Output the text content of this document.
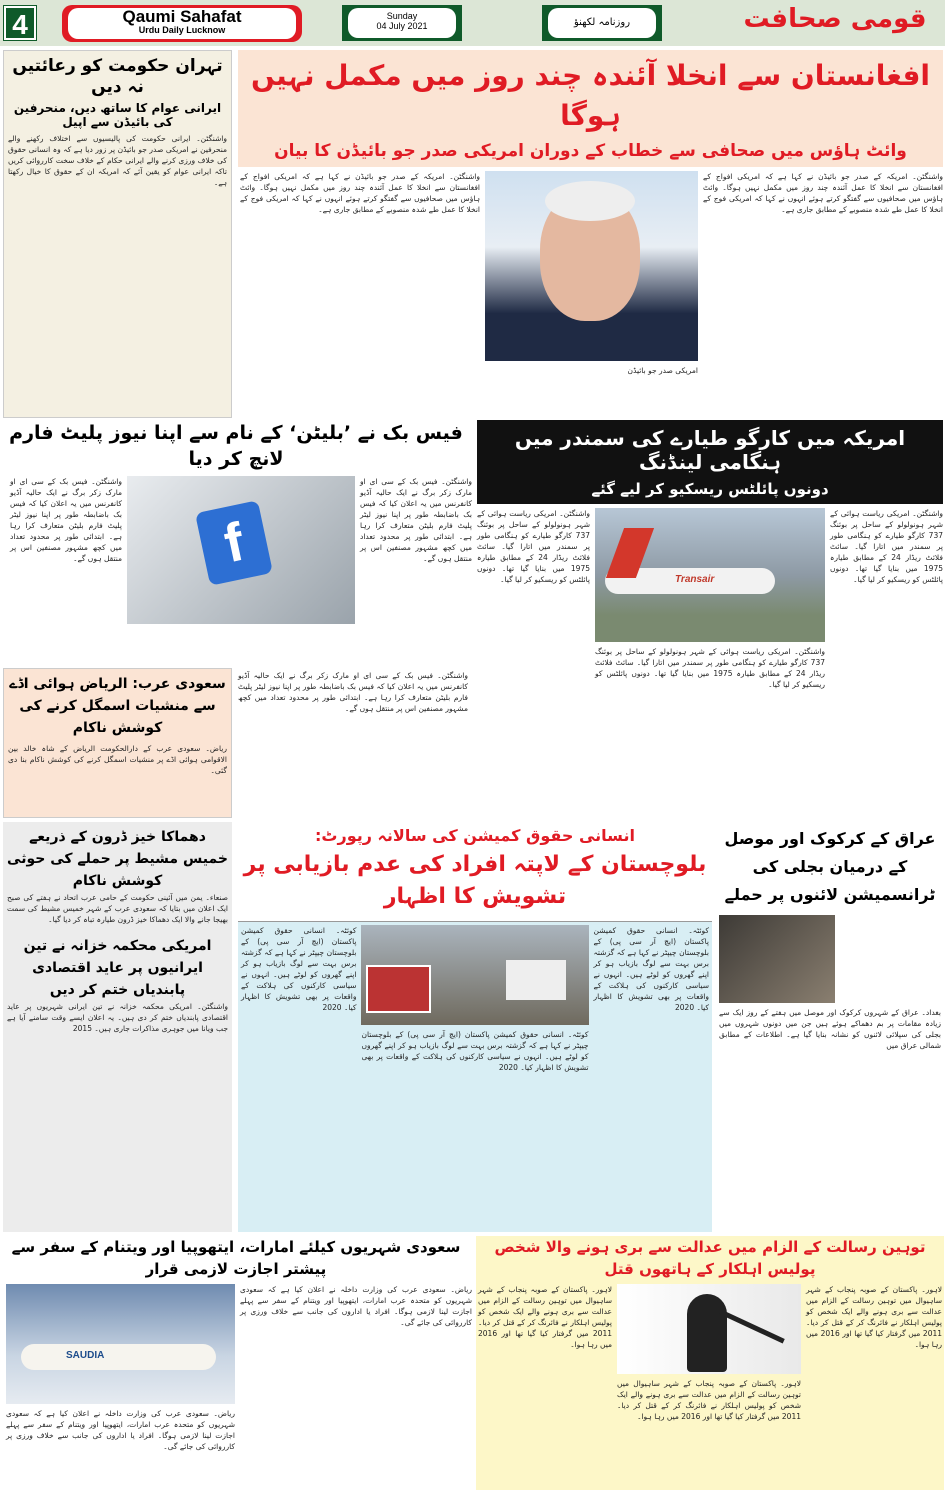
4	Qaumi Sahafat
Urdu Daily Lucknow
Sunday
04 July 2021	روزنامہ لکھنؤ	قومی صحافت
تہران حکومت کو رعائتیں نہ دیں
ایرانی عوام کا ساتھ دیں، منحرفین کی بائیڈن سے اپیل
واشنگٹن۔ ایرانی حکومت کی پالیسیوں سے اختلاف رکھنے والے منحرفین نے امریکی صدر جو بائیڈن پر زور دیا ہے کہ وہ انسانی حقوق کی خلاف ورزی کرنے والے ایرانی حکام کے خلاف سخت کارروائی کریں تاکہ ایرانی عوام کو یقین آئے کہ امریکہ ان کے حقوق کا خیال رکھتا ہے۔
افغانستان سے انخلا آئندہ چند روز میں مکمل نہیں ہوگا
وائٹ ہاؤس میں صحافی سے خطاب کے دوران امریکی صدر جو بائیڈن کا بیان
واشنگٹن۔ امریکہ کے صدر جو بائیڈن نے کہا ہے کہ امریکی افواج کے افغانستان سے انخلا کا عمل آئندہ چند روز میں مکمل نہیں ہوگا۔ وائٹ ہاؤس میں صحافیوں سے گفتگو کرتے ہوئے انہوں نے کہا کہ امریکی فوج کے انخلا کا عمل طے شدہ منصوبے کے مطابق جاری ہے۔
امریکی صدر جو بائیڈن
واشنگٹن۔ امریکہ کے صدر جو بائیڈن نے کہا ہے کہ امریکی افواج کے افغانستان سے انخلا کا عمل آئندہ چند روز میں مکمل نہیں ہوگا۔ وائٹ ہاؤس میں صحافیوں سے گفتگو کرتے ہوئے انہوں نے کہا کہ امریکی فوج کے انخلا کا عمل طے شدہ منصوبے کے مطابق جاری ہے۔
فیس بک نے ’بلیٹن‘ کے نام سے اپنا نیوز پلیٹ فارم لانچ کر دیا
واشنگٹن۔ فیس بک کے سی ای او مارک زکر برگ نے ایک حالیہ آڈیو کانفرنس میں یہ اعلان کیا کہ فیس بک باضابطہ طور پر اپنا نیوز لیٹر پلیٹ فارم بلیٹن متعارف کرا رہا ہے۔ ابتدائی طور پر محدود تعداد میں کچھ مشہور مصنفین اس پر منتقل ہوں گے۔
f
واشنگٹن۔ فیس بک کے سی ای او مارک زکر برگ نے ایک حالیہ آڈیو کانفرنس میں یہ اعلان کیا کہ فیس بک باضابطہ طور پر اپنا نیوز لیٹر پلیٹ فارم بلیٹن متعارف کرا رہا ہے۔ ابتدائی طور پر محدود تعداد میں کچھ مشہور مصنفین اس پر منتقل ہوں گے۔
سعودی عرب: الریاض ہوائی اڈے سے منشیات اسمگل کرنے کی کوشش ناکام
ریاض۔ سعودی عرب کے دارالحکومت الریاض کے شاہ خالد بین الاقوامی ہوائی اڈے پر منشیات اسمگل کرنے کی کوشش ناکام بنا دی گئی۔
واشنگٹن۔ فیس بک کے سی ای او مارک زکر برگ نے ایک حالیہ آڈیو کانفرنس میں یہ اعلان کیا کہ فیس بک باضابطہ طور پر اپنا نیوز لیٹر پلیٹ فارم بلیٹن متعارف کرا رہا ہے۔ ابتدائی طور پر محدود تعداد میں کچھ مشہور مصنفین اس پر منتقل ہوں گے۔
امریکہ میں کارگو طیارے کی سمندر میں ہنگامی لینڈنگ
دونوں پائلٹس ریسکیو کر لیے گئے
واشنگٹن۔ امریکی ریاست ہوائی کے شہر ہونولولو کے ساحل پر بوئنگ 737 کارگو طیارے کو ہنگامی طور پر سمندر میں اتارا گیا۔ سائٹ فلائٹ ریڈار 24 کے مطابق طیارہ 1975 میں بنایا گیا تھا۔ دونوں پائلٹس کو ریسکیو کر لیا گیا۔
Transair
واشنگٹن۔ امریکی ریاست ہوائی کے شہر ہونولولو کے ساحل پر بوئنگ 737 کارگو طیارے کو ہنگامی طور پر سمندر میں اتارا گیا۔ سائٹ فلائٹ ریڈار 24 کے مطابق طیارہ 1975 میں بنایا گیا تھا۔ دونوں پائلٹس کو ریسکیو کر لیا گیا۔
واشنگٹن۔ امریکی ریاست ہوائی کے شہر ہونولولو کے ساحل پر بوئنگ 737 کارگو طیارے کو ہنگامی طور پر سمندر میں اتارا گیا۔ سائٹ فلائٹ ریڈار 24 کے مطابق طیارہ 1975 میں بنایا گیا تھا۔ دونوں پائلٹس کو ریسکیو کر لیا گیا۔
دھماکا خیز ڈرون کے ذریعے خمیس مشیط پر حملے کی حوثی کوشش ناکام
صنعاء۔ یمن میں آئینی حکومت کے حامی عرب اتحاد نے ہفتے کی صبح ایک اعلان میں بتایا کہ سعودی عرب کے شہر خمیس مشیط کی سمت بھیجا جانے والا ایک دھماکا خیز ڈرون طیارہ تباہ کر دیا گیا۔
امریکی محکمہ خزانہ نے تین ایرانیوں پر عاید اقتصادی پابندیاں ختم کر دیں
واشنگٹن۔ امریکی محکمہ خزانہ نے تین ایرانی شہریوں پر عاید اقتصادی پابندیاں ختم کر دی ہیں۔ یہ اعلان ایسے وقت سامنے آیا ہے جب ویانا میں جوہری مذاکرات جاری ہیں۔ 2015
انسانی حقوق کمیشن کی سالانہ رپورٹ:
بلوچستان کے لاپتہ افراد کی عدم بازیابی پر تشویش کا اظہار
کوئٹہ۔ انسانی حقوق کمیشن پاکستان (ایچ آر سی پی) کے بلوچستان چیپٹر نے کہا ہے کہ گزشتہ برس بہت سے لوگ بازیاب ہو کر اپنے گھروں کو لوٹے ہیں۔ انہوں نے سیاسی کارکنوں کی ہلاکت کے واقعات پر بھی تشویش کا اظہار کیا۔ 2020
کوئٹہ۔ انسانی حقوق کمیشن پاکستان (ایچ آر سی پی) کے بلوچستان چیپٹر نے کہا ہے کہ گزشتہ برس بہت سے لوگ بازیاب ہو کر اپنے گھروں کو لوٹے ہیں۔ انہوں نے سیاسی کارکنوں کی ہلاکت کے واقعات پر بھی تشویش کا اظہار کیا۔ 2020
کوئٹہ۔ انسانی حقوق کمیشن پاکستان (ایچ آر سی پی) کے بلوچستان چیپٹر نے کہا ہے کہ گزشتہ برس بہت سے لوگ بازیاب ہو کر اپنے گھروں کو لوٹے ہیں۔ انہوں نے سیاسی کارکنوں کی ہلاکت کے واقعات پر بھی تشویش کا اظہار کیا۔ 2020
عراق کے کرکوک اور موصل کے درمیان بجلی کی ٹرانسمیشن لائنوں پر حملے
بغداد۔ عراق کے شہروں کرکوک اور موصل میں ہفتے کے روز ایک سے زیادہ مقامات پر بم دھماکے ہوئے ہیں جن میں دونوں شہروں میں بجلی کی سپلائی لائنوں کو نشانہ بنایا گیا ہے۔ اطلاعات کے مطابق شمالی عراق میں
سعودی شہریوں کیلئے امارات، ایتھوپیا اور ویتنام کے سفر سے پیشتر اجازت لازمی قرار
ریاض۔ سعودی عرب کی وزارت داخلہ نے اعلان کیا ہے کہ سعودی شہریوں کو متحدہ عرب امارات، ایتھوپیا اور ویتنام کے سفر سے پہلے اجازت لینا لازمی ہوگا۔ افراد یا اداروں کی جانب سے خلاف ورزی پر کارروائی کی جائے گی۔
SAUDIA
ریاض۔ سعودی عرب کی وزارت داخلہ نے اعلان کیا ہے کہ سعودی شہریوں کو متحدہ عرب امارات، ایتھوپیا اور ویتنام کے سفر سے پہلے اجازت لینا لازمی ہوگا۔ افراد یا اداروں کی جانب سے خلاف ورزی پر کارروائی کی جائے گی۔
توہین رسالت کے الزام میں عدالت سے بری ہونے والا شخص پولیس اہلکار کے ہاتھوں قتل
لاہور۔ پاکستان کے صوبہ پنجاب کے شہر ساہیوال میں توہین رسالت کے الزام میں عدالت سے بری ہونے والے ایک شخص کو پولیس اہلکار نے فائرنگ کر کے قتل کر دیا۔ 2011 میں گرفتار کیا گیا تھا اور 2016 میں رہا ہوا۔
لاہور۔ پاکستان کے صوبہ پنجاب کے شہر ساہیوال میں توہین رسالت کے الزام میں عدالت سے بری ہونے والے ایک شخص کو پولیس اہلکار نے فائرنگ کر کے قتل کر دیا۔ 2011 میں گرفتار کیا گیا تھا اور 2016 میں رہا ہوا۔
لاہور۔ پاکستان کے صوبہ پنجاب کے شہر ساہیوال میں توہین رسالت کے الزام میں عدالت سے بری ہونے والے ایک شخص کو پولیس اہلکار نے فائرنگ کر کے قتل کر دیا۔ 2011 میں گرفتار کیا گیا تھا اور 2016 میں رہا ہوا۔
